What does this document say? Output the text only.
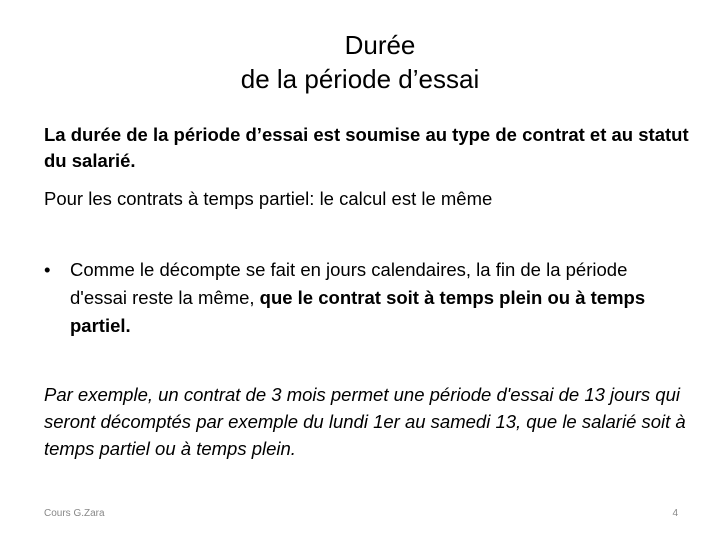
Durée
de la période d’essai
La durée de la période d’essai est soumise au type de contrat et au statut du salarié.
Pour les contrats à temps partiel: le calcul est le même
•	Comme le décompte se fait en jours calendaires, la fin de la période d'essai reste la même, que le contrat soit à temps plein ou à temps partiel.
Par exemple, un contrat de 3 mois permet une période d'essai de 13 jours qui seront décomptés par exemple du lundi 1er au samedi 13, que le salarié soit à temps partiel ou à temps plein.
Cours G.Zara	4
